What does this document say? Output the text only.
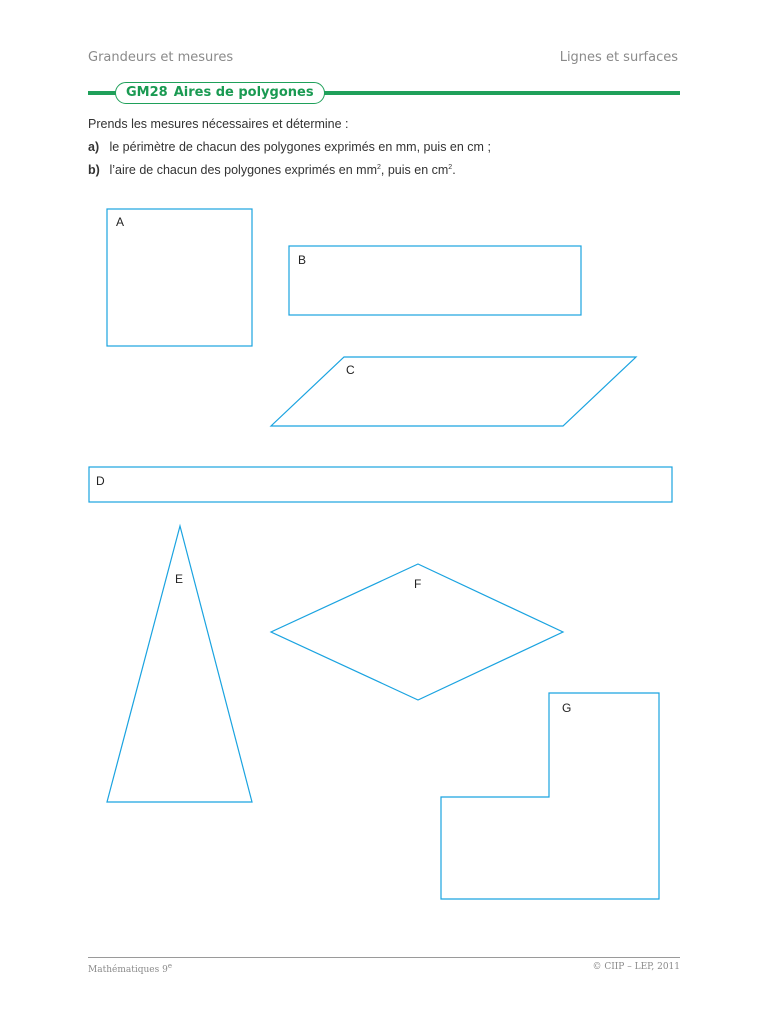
Grandeurs et mesures	Lignes et surfaces
GM28 Aires de polygones
Prends les mesures nécessaires et détermine :
a) le périmètre de chacun des polygones exprimés en mm, puis en cm ;
b) l’aire de chacun des polygones exprimés en $mm^2$, puis en $cm^2$.
A
B
C
D
E	F
G
Mathématiques 9e	© CIIP – LEP, 2011
